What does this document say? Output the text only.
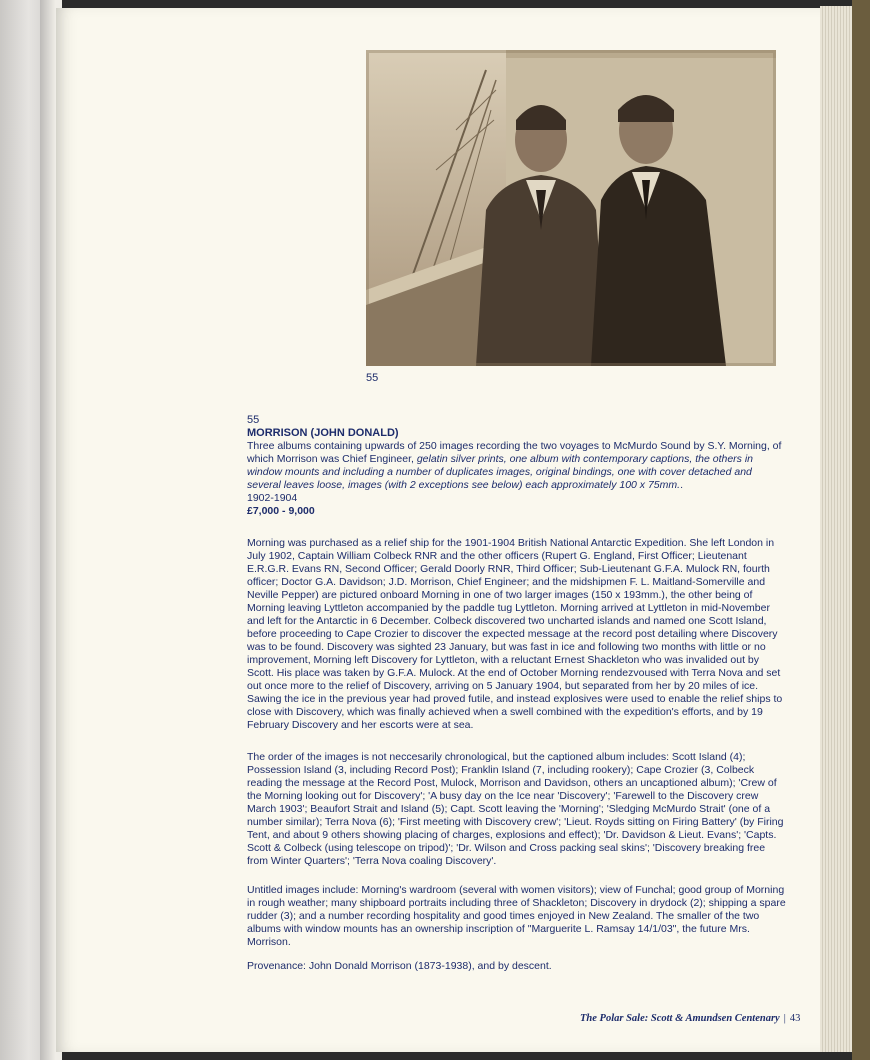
55
55
MORRISON (JOHN DONALD)
Three albums containing upwards of 250 images recording the two voyages to McMurdo Sound by S.Y. Morning, of which Morrison was Chief Engineer, gelatin silver prints, one album with contemporary captions, the others in window mounts and including a number of duplicates images, original bindings, one with cover detached and several leaves loose, images (with 2 exceptions see below) each approximately 100 x 75mm..
1902-1904
£7,000 - 9,000
Morning was purchased as a relief ship for the 1901-1904 British National Antarctic Expedition. She left London in July 1902, Captain William Colbeck RNR and the other officers (Rupert G. England, First Officer; Lieutenant E.R.G.R. Evans RN, Second Officer; Gerald Doorly RNR, Third Officer; Sub-Lieutenant G.F.A. Mulock RN, fourth officer; Doctor G.A. Davidson; J.D. Morrison, Chief Engineer; and the midshipmen F. L. Maitland-Somerville and Neville Pepper) are pictured onboard Morning in one of two larger images (150 x 193mm.), the other being of Morning leaving Lyttleton accompanied by the paddle tug Lyttleton. Morning arrived at Lyttleton in mid-November and left for the Antarctic in 6 December. Colbeck discovered two uncharted islands and named one Scott Island, before proceeding to Cape Crozier to discover the expected message at the record post detailing where Discovery was to be found. Discovery was sighted 23 January, but was fast in ice and following two months with little or no improvement, Morning left Discovery for Lyttleton, with a reluctant Ernest Shackleton who was invalided out by Scott. His place was taken by G.F.A. Mulock. At the end of October Morning rendezvoused with Terra Nova and set out once more to the relief of Discovery, arriving on 5 January 1904, but separated from her by 20 miles of ice. Sawing the ice in the previous year had proved futile, and instead explosives were used to enable the relief ships to close with Discovery, which was finally achieved when a swell combined with the expedition's efforts, and by 19 February Discovery and her escorts were at sea.
The order of the images is not neccesarily chronological, but the captioned album includes: Scott Island (4); Possession Island (3, including Record Post); Franklin Island (7, including rookery); Cape Crozier (3, Colbeck reading the message at the Record Post, Mulock, Morrison and Davidson, others an uncaptioned album); 'Crew of the Morning looking out for Discovery'; 'A busy day on the Ice near 'Discovery'; 'Farewell to the Discovery crew March 1903'; Beaufort Strait and Island (5); Capt. Scott leaving the 'Morning'; 'Sledging McMurdo Strait' (one of a number similar); Terra Nova (6); 'First meeting with Discovery crew'; 'Lieut. Royds sitting on Firing Battery' (by Firing Tent, and about 9 others showing placing of charges, explosions and effect); 'Dr. Davidson & Lieut. Evans'; 'Capts. Scott & Colbeck (using telescope on tripod)'; 'Dr. Wilson and Cross packing seal skins'; 'Discovery breaking free from Winter Quarters'; 'Terra Nova coaling Discovery'.
Untitled images include: Morning's wardroom (several with women visitors); view of Funchal; good group of Morning in rough weather; many shipboard portraits including three of Shackleton; Discovery in drydock (2); shipping a spare rudder (3); and a number recording hospitality and good times enjoyed in New Zealand. The smaller of the two albums with window mounts has an ownership inscription of "Marguerite L. Ramsay 14/1/03", the future Mrs. Morrison.
Provenance: John Donald Morrison (1873-1938), and by descent.
The Polar Sale: Scott & Amundsen Centenary | 43
